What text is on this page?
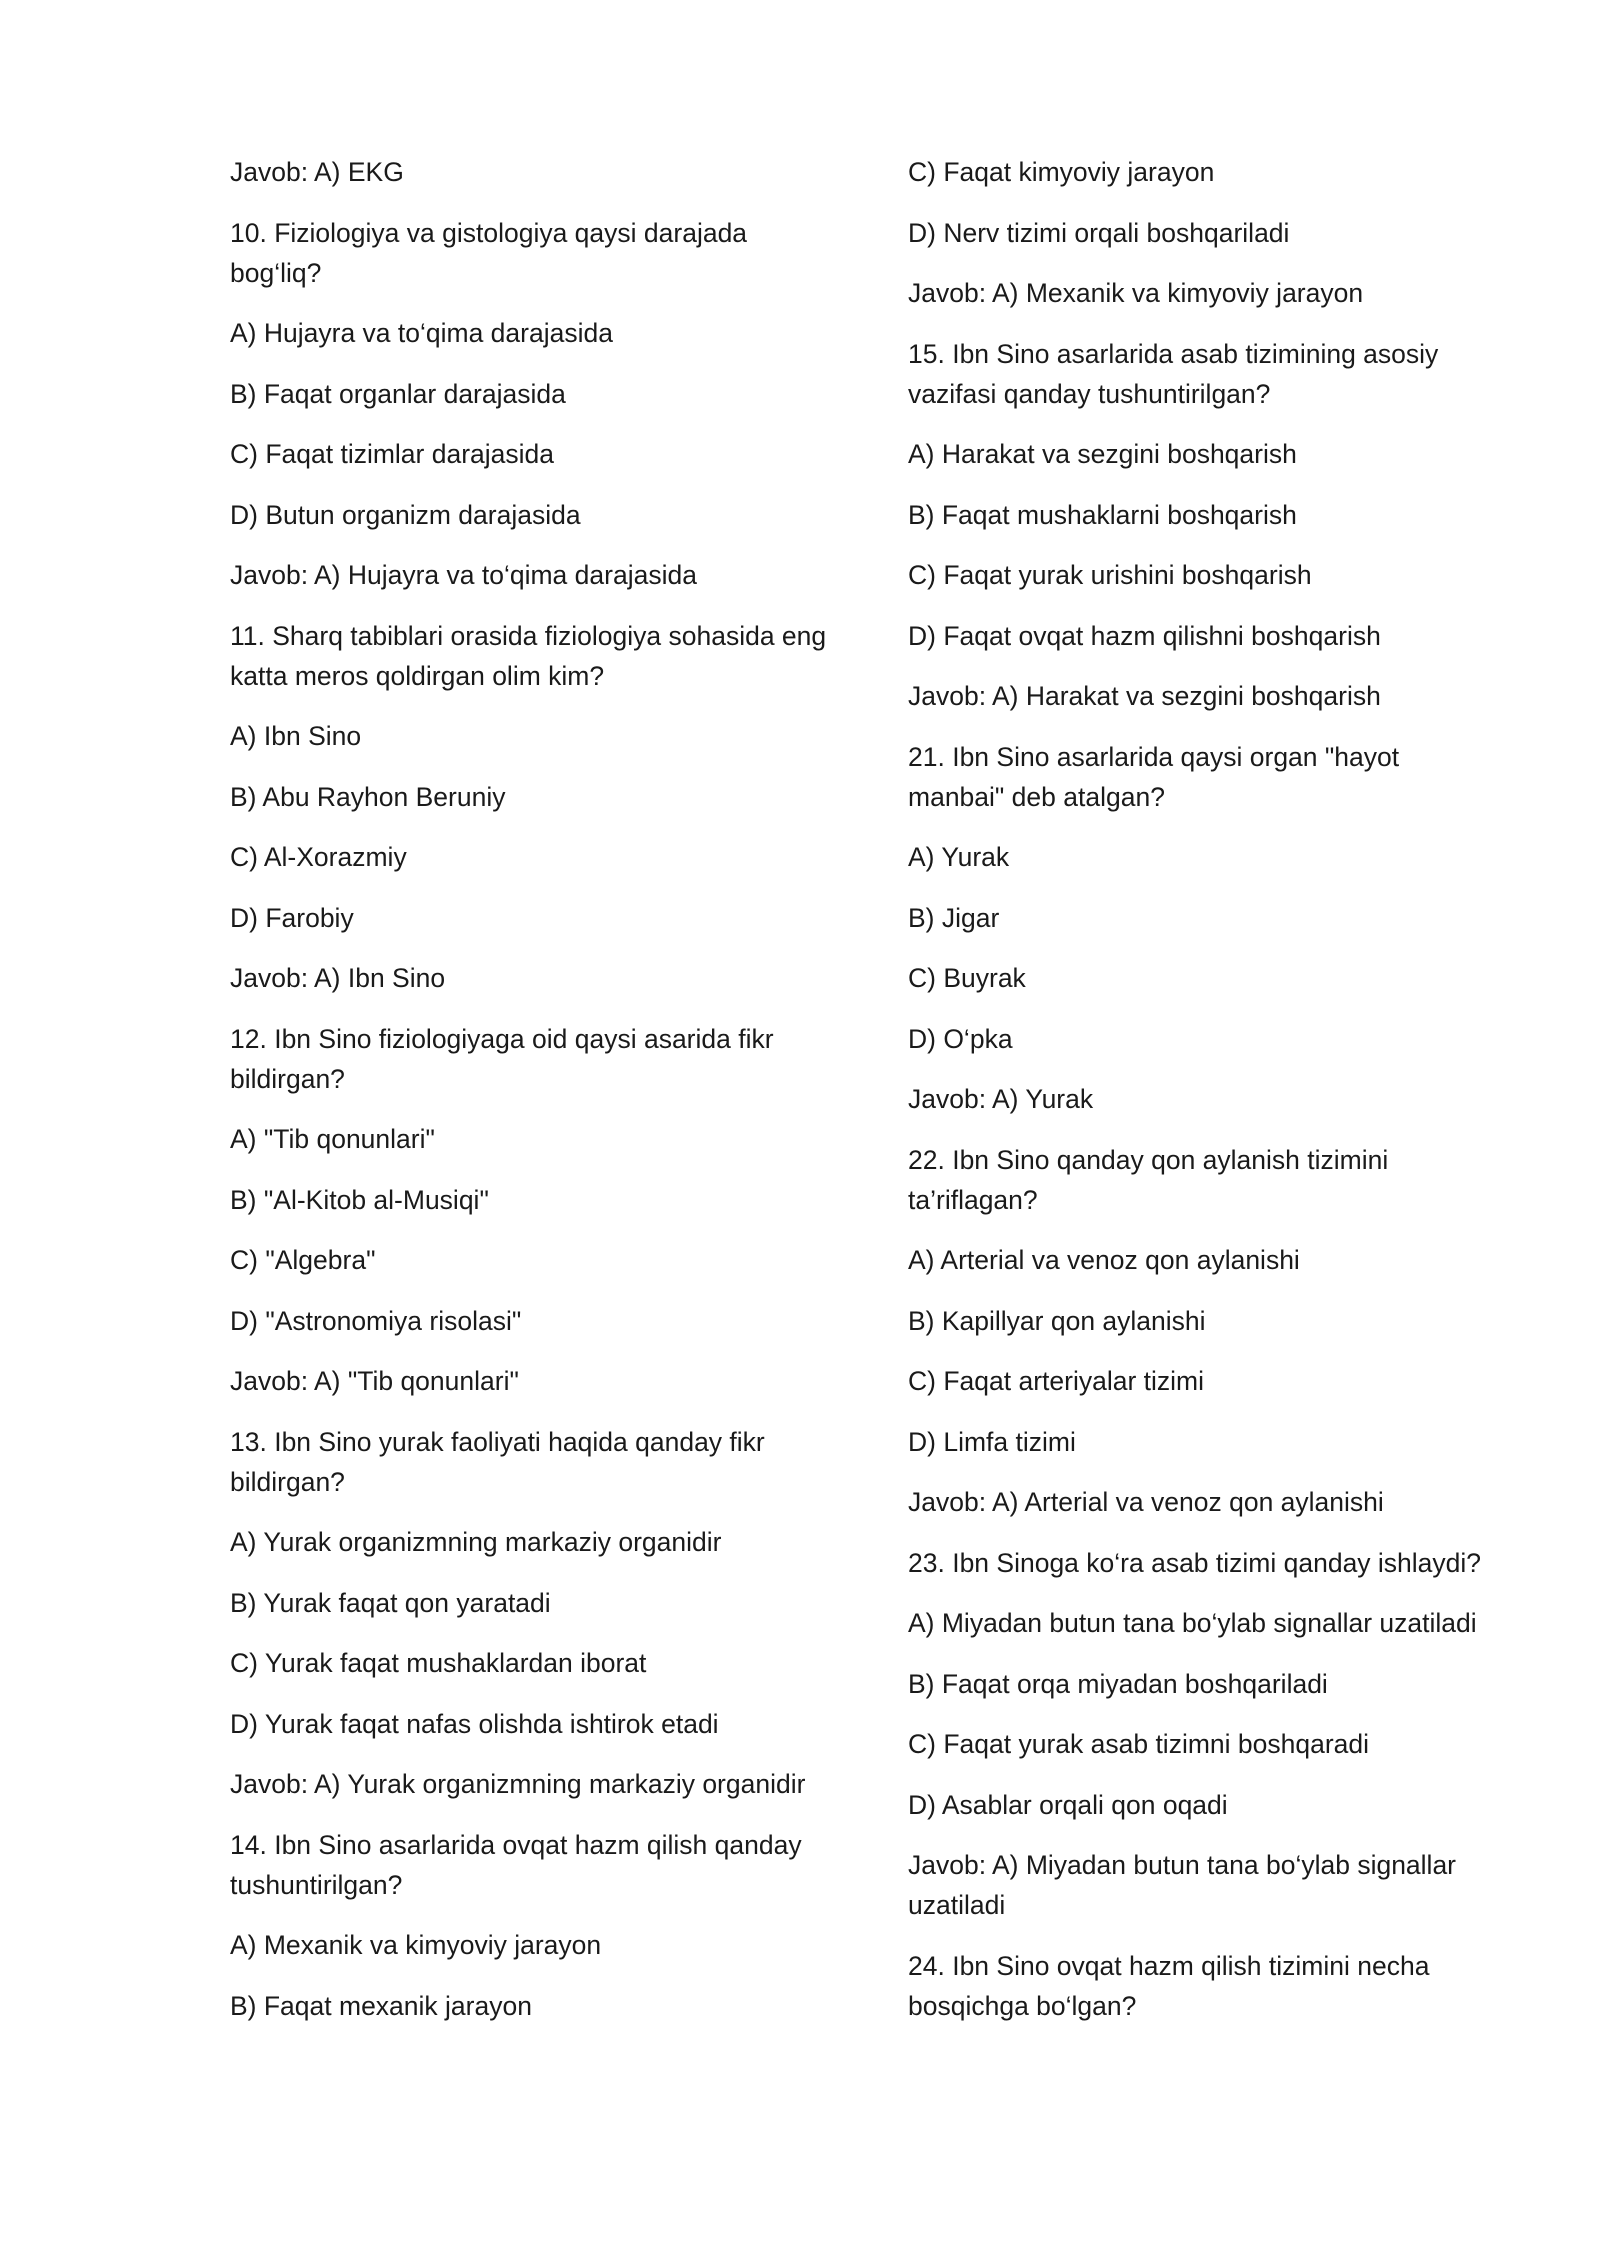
Javob: A) EKG

10. Fiziologiya va gistologiya qaysi darajada bog‘liq?

A) Hujayra va to‘qima darajasida

B) Faqat organlar darajasida

C) Faqat tizimlar darajasida

D) Butun organizm darajasida

Javob: A) Hujayra va to‘qima darajasida

11. Sharq tabiblari orasida fiziologiya sohasida eng katta meros qoldirgan olim kim?

A) Ibn Sino

B) Abu Rayhon Beruniy

C) Al-Xorazmiy

D) Farobiy

Javob: A) Ibn Sino

12. Ibn Sino fiziologiyaga oid qaysi asarida fikr bildirgan?

A) "Tib qonunlari"

B) "Al-Kitob al-Musiqi"

C) "Algebra"

D) "Astronomiya risolasi"

Javob: A) "Tib qonunlari"

13. Ibn Sino yurak faoliyati haqida qanday fikr bildirgan?

A) Yurak organizmning markaziy organidir

B) Yurak faqat qon yaratadi

C) Yurak faqat mushaklardan iborat

D) Yurak faqat nafas olishda ishtirok etadi

Javob: A) Yurak organizmning markaziy organidir

14. Ibn Sino asarlarida ovqat hazm qilish qanday tushuntirilgan?

A) Mexanik va kimyoviy jarayon

B) Faqat mexanik jarayon

C) Faqat kimyoviy jarayon

D) Nerv tizimi orqali boshqariladi

Javob: A) Mexanik va kimyoviy jarayon

15. Ibn Sino asarlarida asab tizimining asosiy vazifasi qanday tushuntirilgan?

A) Harakat va sezgini boshqarish

B) Faqat mushaklarni boshqarish

C) Faqat yurak urishini boshqarish

D) Faqat ovqat hazm qilishni boshqarish

Javob: A) Harakat va sezgini boshqarish

21. Ibn Sino asarlarida qaysi organ "hayot manbai" deb atalgan?

A) Yurak

B) Jigar

C) Buyrak

D) O‘pka

Javob: A) Yurak

22. Ibn Sino qanday qon aylanish tizimini ta’riflagan?

A) Arterial va venoz qon aylanishi

B) Kapillyar qon aylanishi

C) Faqat arteriyalar tizimi

D) Limfa tizimi

Javob: A) Arterial va venoz qon aylanishi

23. Ibn Sinoga ko‘ra asab tizimi qanday ishlaydi?

A) Miyadan butun tana bo‘ylab signallar uzatiladi

B) Faqat orqa miyadan boshqariladi

C) Faqat yurak asab tizimni boshqaradi

D) Asablar orqali qon oqadi

Javob: A) Miyadan butun tana bo‘ylab signallar uzatiladi

24. Ibn Sino ovqat hazm qilish tizimini necha bosqichga bo‘lgan?
